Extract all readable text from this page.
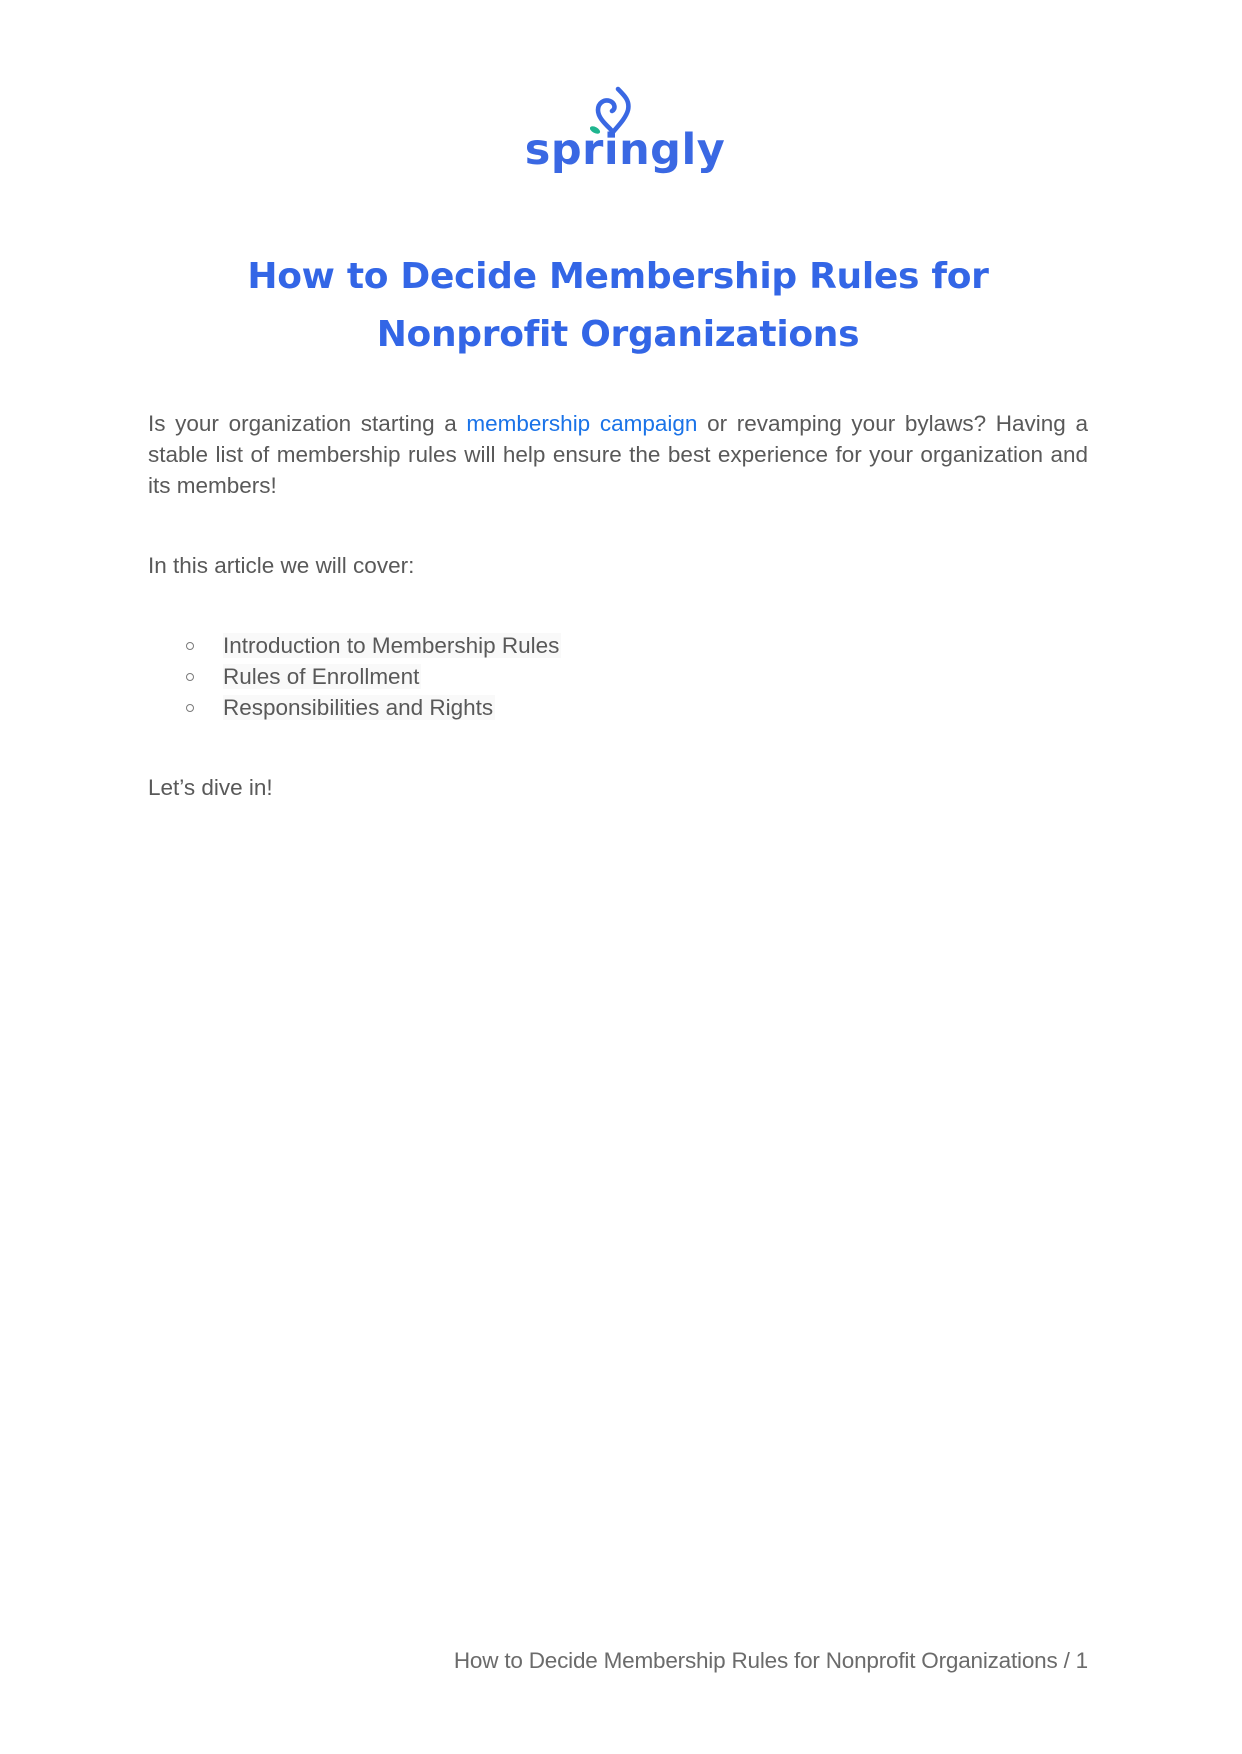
springly
How to Decide Membership Rules for Nonprofit Organizations

Is your organization starting a membership campaign or revamping your bylaws? Having a stable list of membership rules will help ensure the best experience for your organization and its members!

In this article we will cover:

Introduction to Membership Rules
Rules of Enrollment
Responsibilities and Rights

Let’s dive in!

How to Decide Membership Rules for Nonprofit Organizations / 1
